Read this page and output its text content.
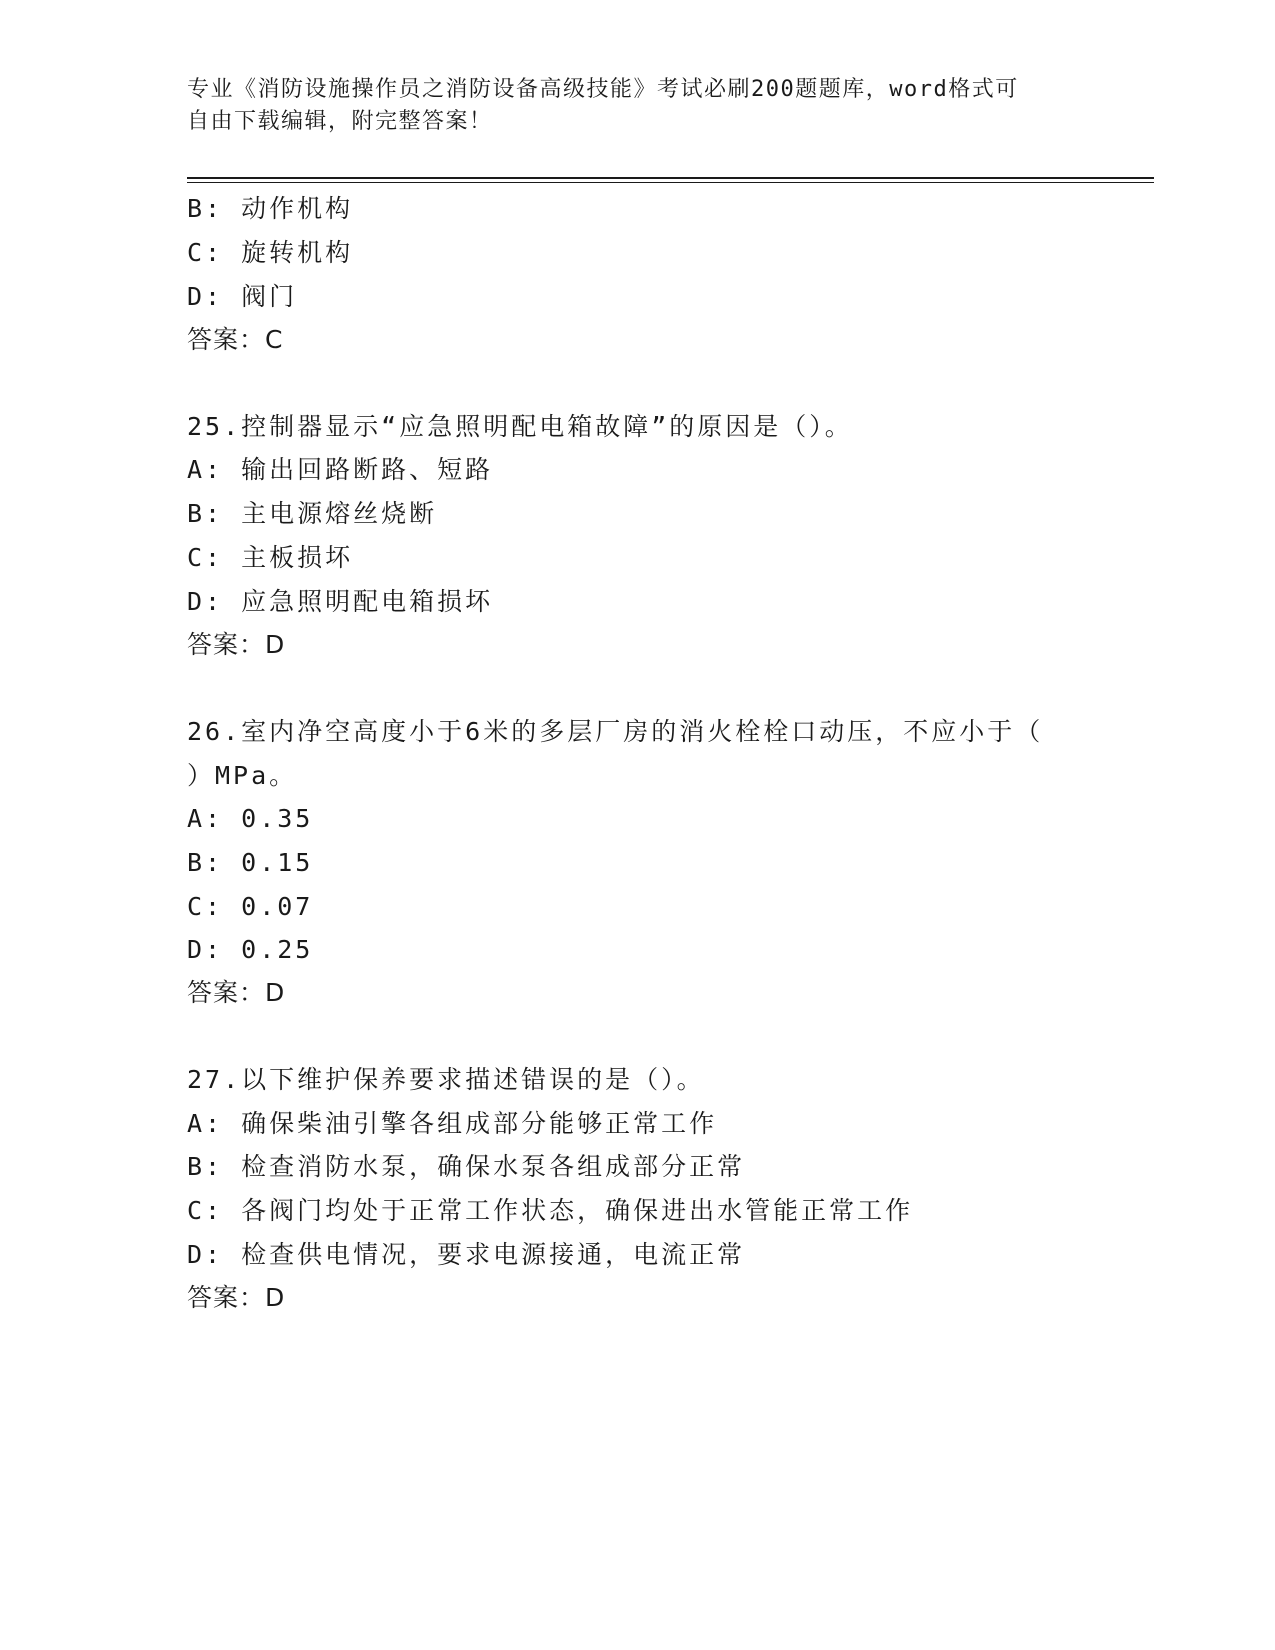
专业《消防设施操作员之消防设备高级技能》考试必刷200题题库，word格式可
自由下载编辑，附完整答案！

B: 动作机构

C: 旋转机构

D: 阀门

答案：C

25.控制器显示“应急照明配电箱故障”的原因是（）。

A: 输出回路断路、短路

B: 主电源熔丝烧断

C: 主板损坏

D: 应急照明配电箱损坏

答案：D

26.室内净空高度小于6米的多层厂房的消火栓栓口动压，不应小于（

）MPa。

A: 0.35

B: 0.15

C: 0.07

D: 0.25

答案：D

27.以下维护保养要求描述错误的是（）。

A: 确保柴油引擎各组成部分能够正常工作

B: 检查消防水泵，确保水泵各组成部分正常

C: 各阀门均处于正常工作状态，确保进出水管能正常工作

D: 检查供电情况，要求电源接通，电流正常

答案：D
